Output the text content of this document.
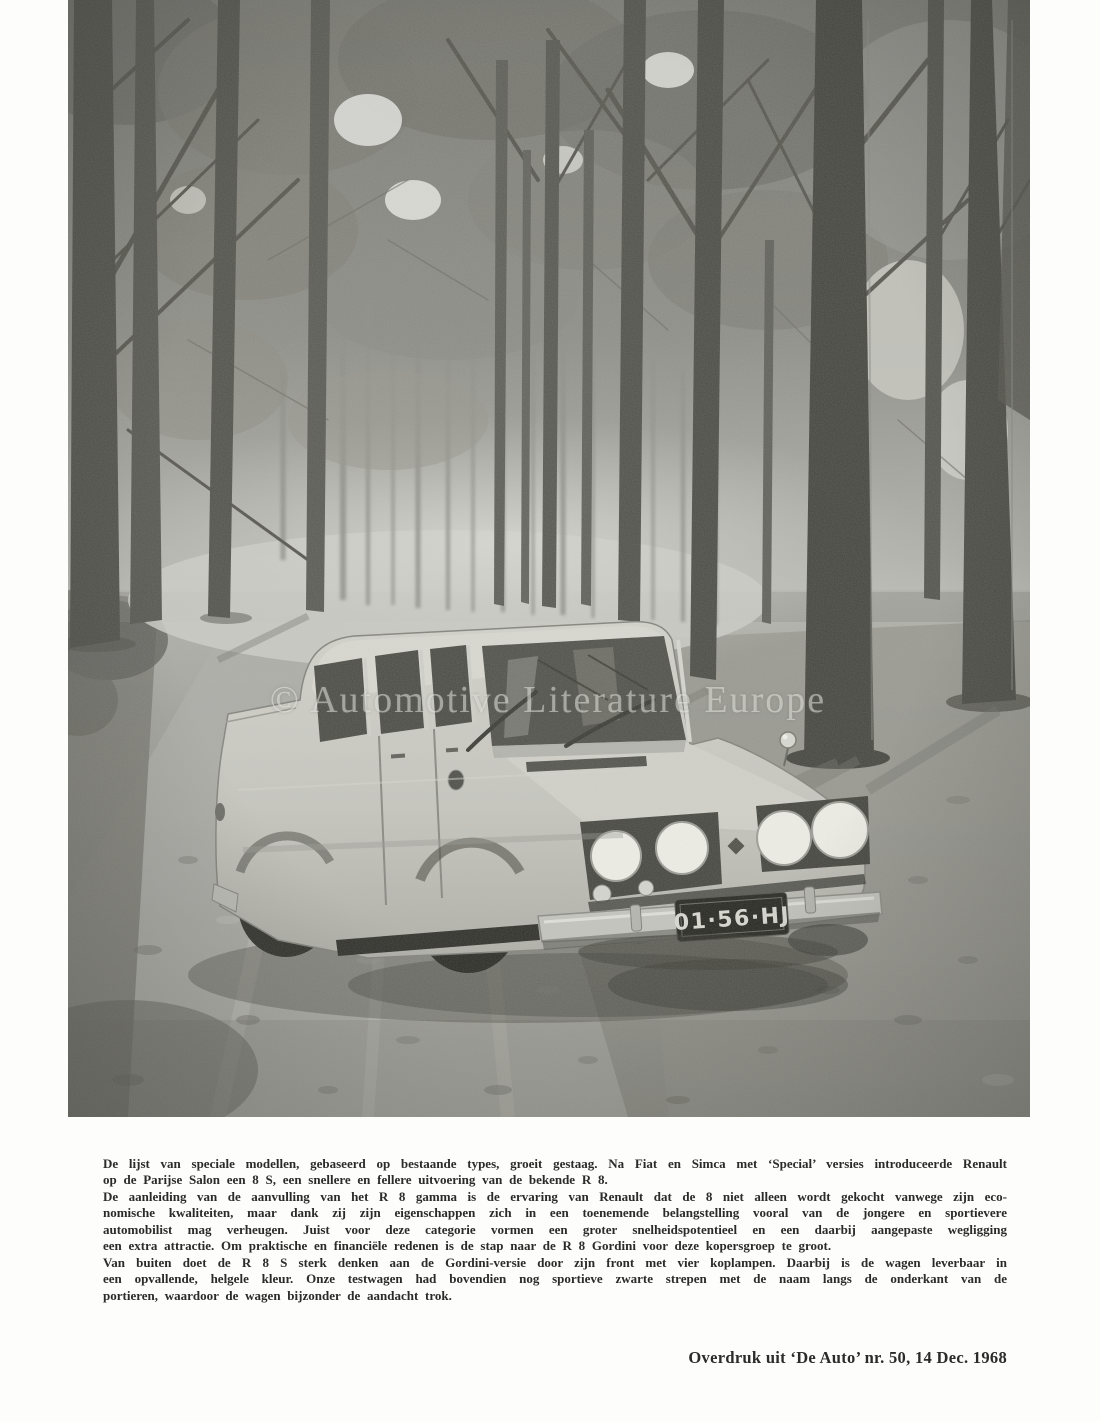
© Automotive Literature Europe
De lijst van speciale modellen, gebaseerd op bestaande types, groeit gestaag. Na Fiat en Simca met ‘Special’ versies introduceerde Renault
op de Parijse Salon een 8 S, een snellere en fellere uitvoering van de bekende R 8.
De aanleiding van de aanvulling van het R 8 gamma is de ervaring van Renault dat de 8 niet alleen wordt gekocht vanwege zijn eco-
nomische kwaliteiten, maar dank zij zijn eigenschappen zich in een toenemende belangstelling vooral van de jongere en sportievere
automobilist mag verheugen. Juist voor deze categorie vormen een groter snelheidspotentieel en een daarbij aangepaste wegligging
een extra attractie. Om praktische en financiële redenen is de stap naar de R 8 Gordini voor deze kopersgroep te groot.
Van buiten doet de R 8 S sterk denken aan de Gordini-versie door zijn front met vier koplampen. Daarbij is de wagen leverbaar in
een opvallende, helgele kleur. Onze testwagen had bovendien nog sportieve zwarte strepen met de naam langs de onderkant van de
portieren, waardoor de wagen bijzonder de aandacht trok.
Overdruk uit ‘De Auto’ nr. 50, 14 Dec. 1968
